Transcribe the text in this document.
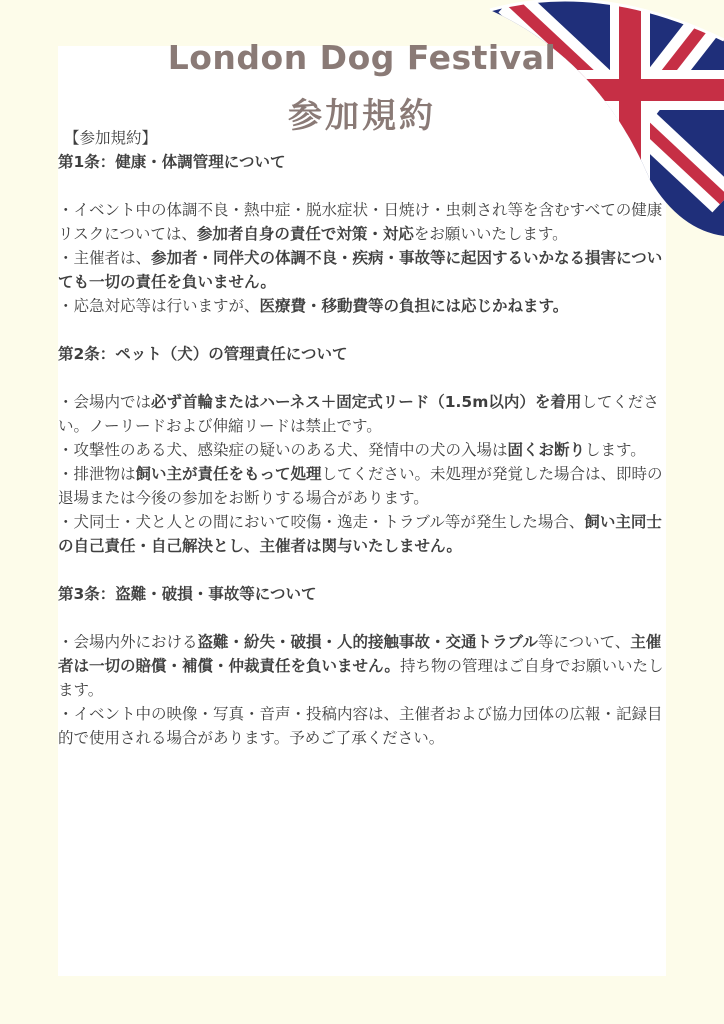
London Dog Festival
参加規約

【参加規約】

第1条：健康・体調管理について

・イベント中の体調不良・熱中症・脱水症状・日焼け・虫刺され等を含むすべての健康リスクについては、参加者自身の責任で対策・対応をお願いいたします。

・主催者は、参加者・同伴犬の体調不良・疾病・事故等に起因するいかなる損害についても一切の責任を負いません。

・応急対応等は行いますが、医療費・移動費等の負担には応じかねます。

第2条：ペット（犬）の管理責任について

・会場内では必ず首輪またはハーネス＋固定式リード（1.5m以内）を着用してください。ノーリードおよび伸縮リードは禁止です。

・攻撃性のある犬、感染症の疑いのある犬、発情中の犬の入場は固くお断りします。

・排泄物は飼い主が責任をもって処理してください。未処理が発覚した場合は、即時の退場または今後の参加をお断りする場合があります。

・犬同士・犬と人との間において咬傷・逸走・トラブル等が発生した場合、飼い主同士の自己責任・自己解決とし、主催者は関与いたしません。

第3条：盗難・破損・事故等について

・会場内外における盗難・紛失・破損・人的接触事故・交通トラブル等について、主催者は一切の賠償・補償・仲裁責任を負いません。持ち物の管理はご自身でお願いいたします。

・イベント中の映像・写真・音声・投稿内容は、主催者および協力団体の広報・記録目的で使用される場合があります。予めご了承ください。
